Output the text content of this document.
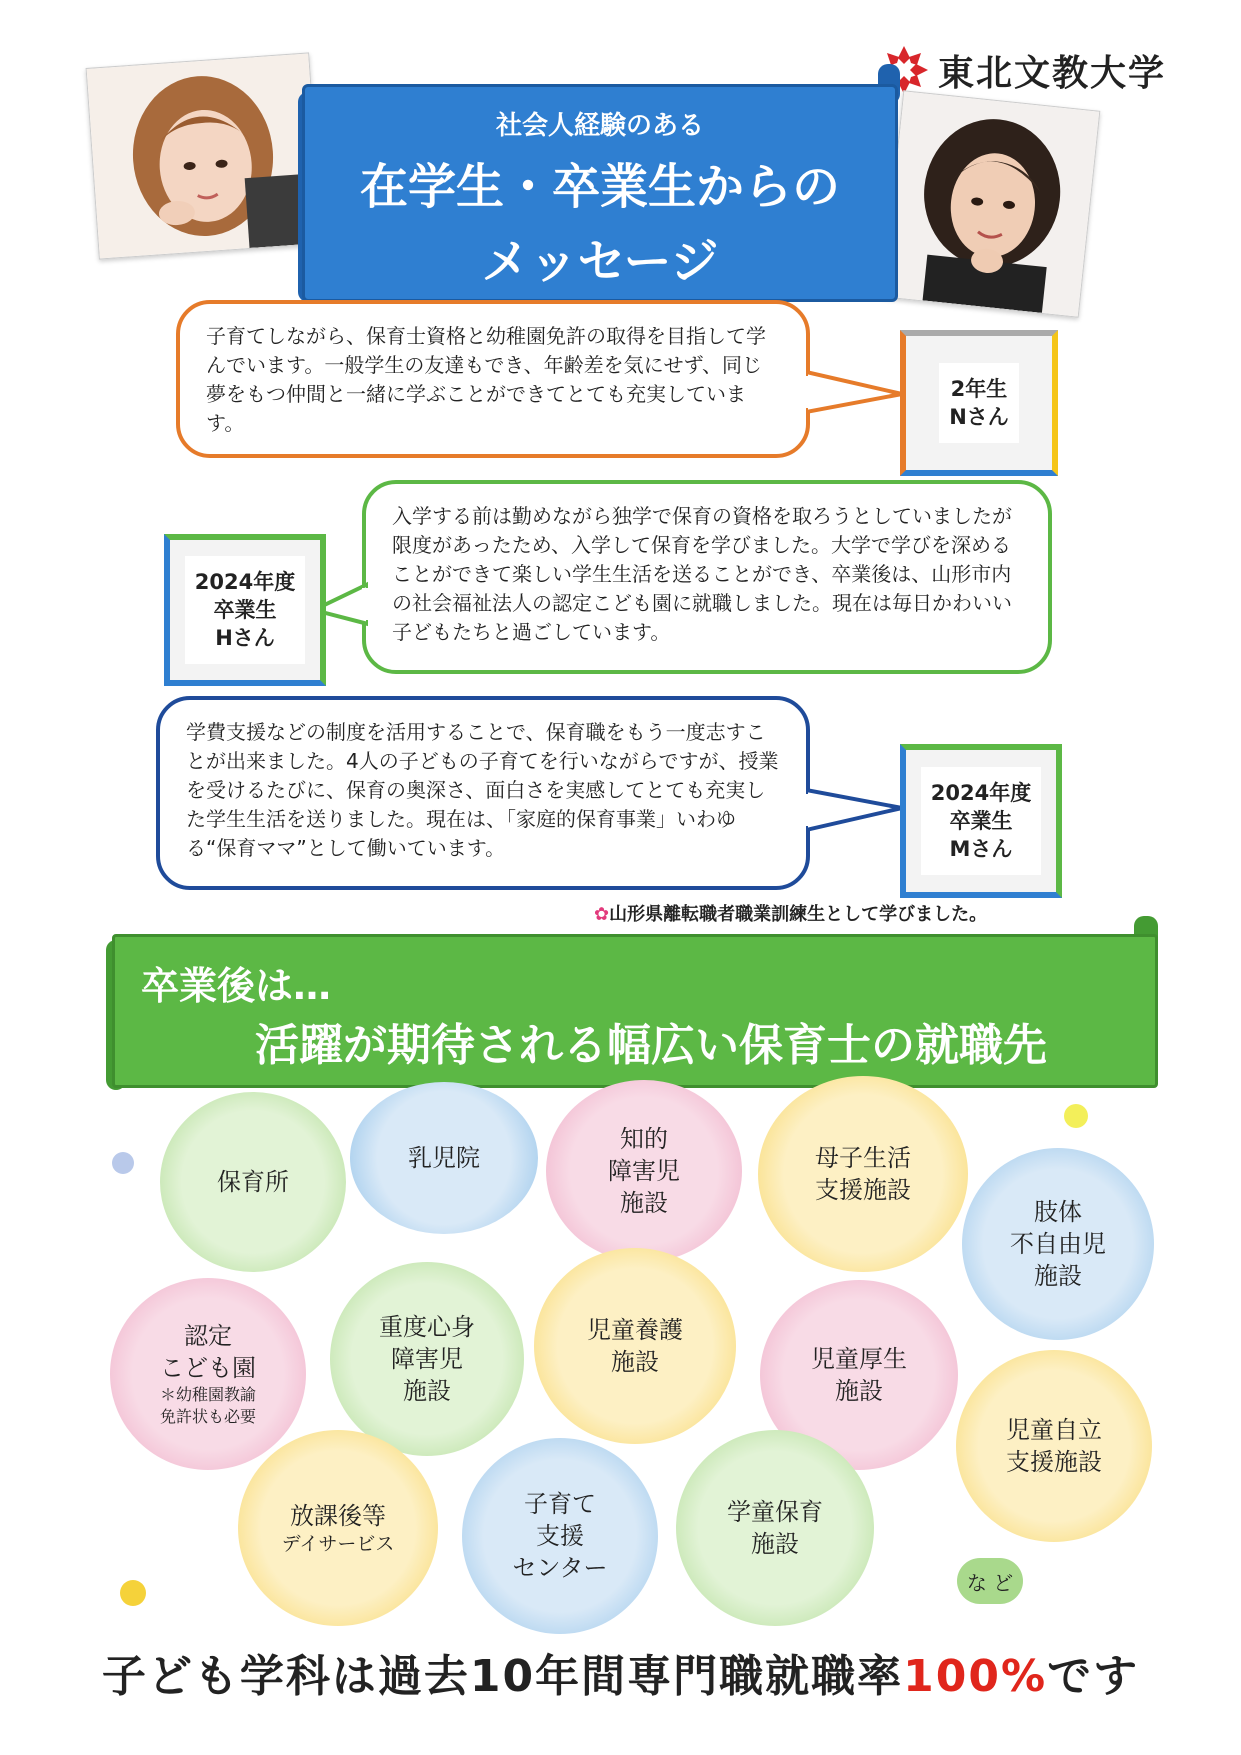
東北文教大学
社会人経験のある
在学生・卒業生からの
メッセージ
子育てしながら、保育士資格と幼稚園免許の取得を目指して学んでいます。一般学生の友達もでき、年齢差を気にせず、同じ夢をもつ仲間と一緒に学ぶことができてとても充実しています。
2年生
Nさん
入学する前は勤めながら独学で保育の資格を取ろうとしていましたが限度があったため、入学して保育を学びました。大学で学びを深めることができて楽しい学生生活を送ることができ、卒業後は、山形市内の社会福祉法人の認定こども園に就職しました。現在は毎日かわいい子どもたちと過ごしています。
2024年度
卒業生
Hさん
学費支援などの制度を活用することで、保育職をもう一度志すことが出来ました。4人の子どもの子育てを行いながらですが、授業を受けるたびに、保育の奥深さ、面白さを実感してとても充実した学生生活を送りました。現在は、「家庭的保育事業」いわゆる“保育ママ”として働いています。
2024年度
卒業生
Mさん
✿山形県離転職者職業訓練生として学びました。
卒業後は…
活躍が期待される幅広い保育士の就職先
保育所
乳児院
知的
障害児
施設
母子生活
支援施設
肢体
不自由児
施設
認定
こども園
＊幼稚園教諭
免許状も必要
重度心身
障害児
施設
児童養護
施設	児童厚生
施設
児童自立
支援施設
放課後等
デイサービス
子育て
支援
センター
学童保育
施設
な ど
子ども学科は過去10年間専門職就職率100%です
